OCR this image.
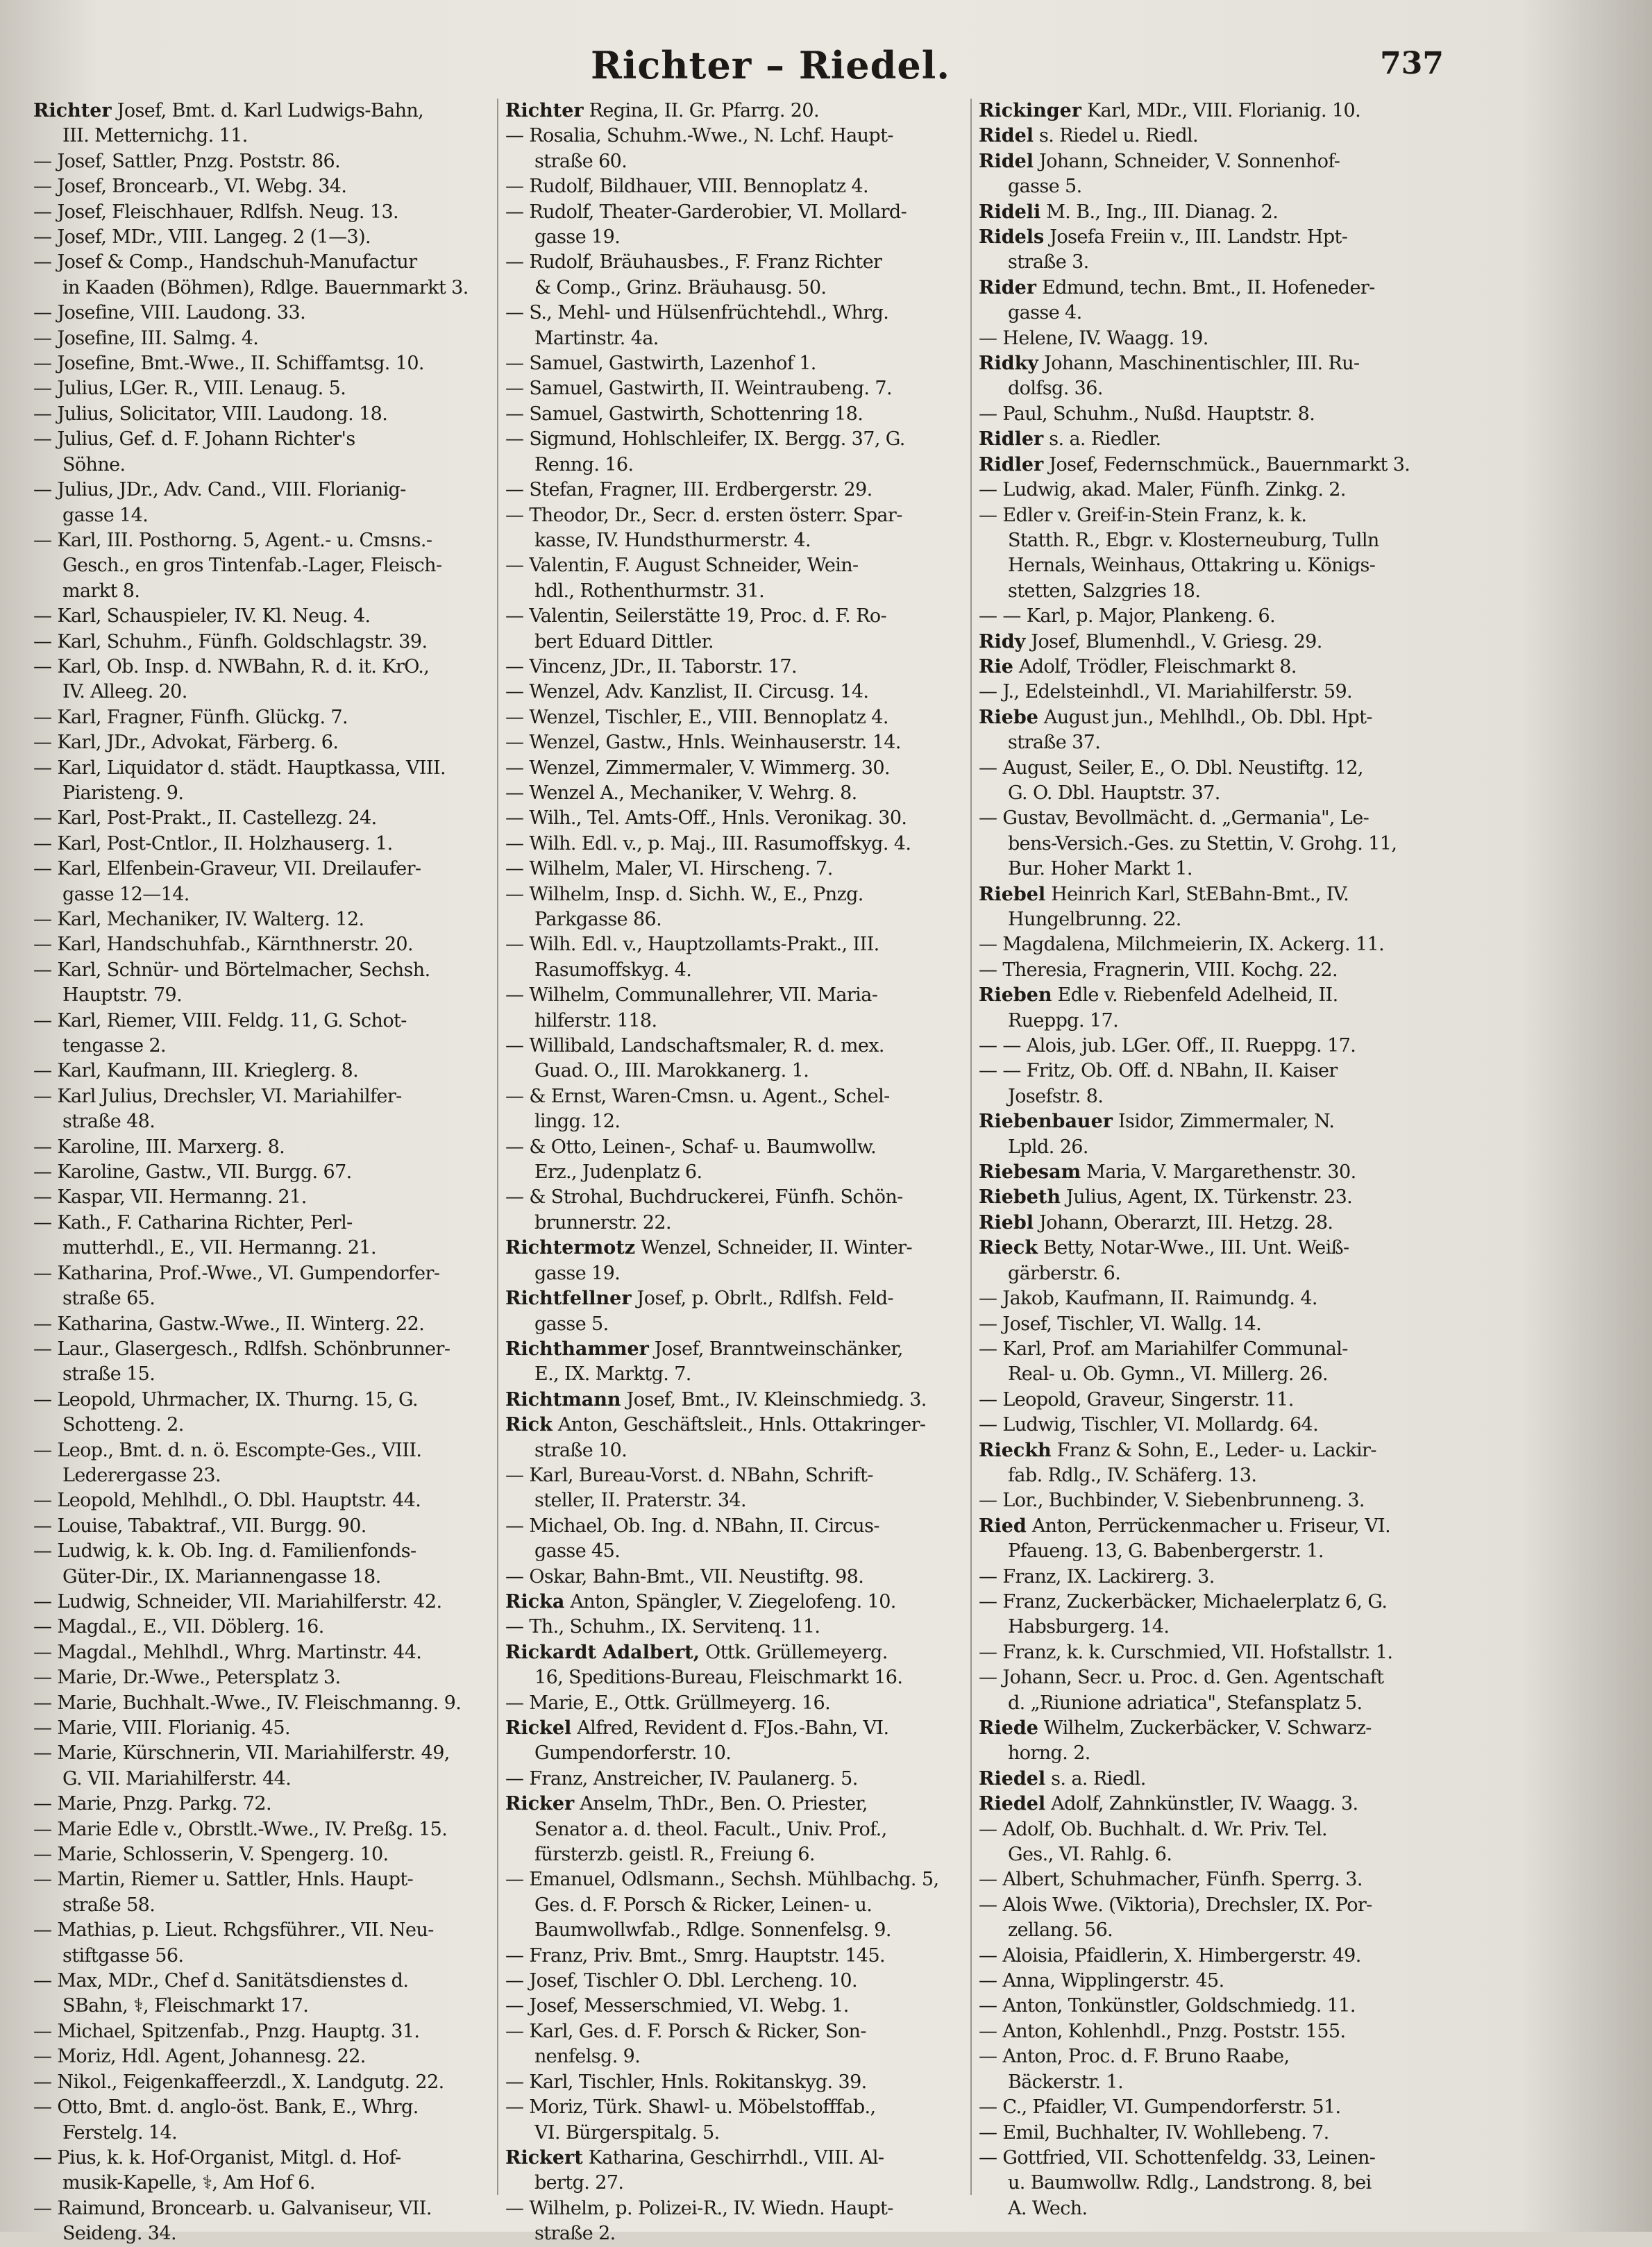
Richter – Riedel.	737
Richter Josef, Bmt. d. Karl Ludwigs-Bahn,
III. Metternichg. 11.
— Josef, Sattler, Pnzg. Poststr. 86.
— Josef, Broncearb., VI. Webg. 34.
— Josef, Fleischhauer, Rdlfsh. Neug. 13.
— Josef, MDr., VIII. Langeg. 2 (1—3).
— Josef & Comp., Handschuh-Manufactur
in Kaaden (Böhmen), Rdlge. Bauernmarkt 3.
— Josefine, VIII. Laudong. 33.
— Josefine, III. Salmg. 4.
— Josefine, Bmt.-Wwe., II. Schiffamtsg. 10.
— Julius, LGer. R., VIII. Lenaug. 5.
— Julius, Solicitator, VIII. Laudong. 18.
— Julius, Gef. d. F. Johann Richter's
Söhne.
— Julius, JDr., Adv. Cand., VIII. Florianig-
gasse 14.
— Karl, III. Posthorng. 5, Agent.- u. Cmsns.-
Gesch., en gros Tintenfab.-Lager, Fleisch-
markt 8.
— Karl, Schauspieler, IV. Kl. Neug. 4.
— Karl, Schuhm., Fünfh. Goldschlagstr. 39.
— Karl, Ob. Insp. d. NWBahn, R. d. it. KrO.,
IV. Alleeg. 20.
— Karl, Fragner, Fünfh. Glückg. 7.
— Karl, JDr., Advokat, Färberg. 6.
— Karl, Liquidator d. städt. Hauptkassa, VIII.
Piaristeng. 9.
— Karl, Post-Prakt., II. Castellezg. 24.
— Karl, Post-Cntlor., II. Holzhauserg. 1.
— Karl, Elfenbein-Graveur, VII. Dreilaufer-
gasse 12—14.
— Karl, Mechaniker, IV. Walterg. 12.
— Karl, Handschuhfab., Kärnthnerstr. 20.
— Karl, Schnür- und Börtelmacher, Sechsh.
Hauptstr. 79.
— Karl, Riemer, VIII. Feldg. 11, G. Schot-
tengasse 2.
— Karl, Kaufmann, III. Krieglerg. 8.
— Karl Julius, Drechsler, VI. Mariahilfer-
straße 48.
— Karoline, III. Marxerg. 8.
— Karoline, Gastw., VII. Burgg. 67.
— Kaspar, VII. Hermanng. 21.
— Kath., F. Catharina Richter, Perl-
mutterhdl., E., VII. Hermanng. 21.
— Katharina, Prof.-Wwe., VI. Gumpendorfer-
straße 65.
— Katharina, Gastw.-Wwe., II. Winterg. 22.
— Laur., Glasergesch., Rdlfsh. Schönbrunner-
straße 15.
— Leopold, Uhrmacher, IX. Thurng. 15, G.
Schotteng. 2.
— Leop., Bmt. d. n. ö. Escompte-Ges., VIII.
Lederergasse 23.
— Leopold, Mehlhdl., O. Dbl. Hauptstr. 44.
— Louise, Tabaktraf., VII. Burgg. 90.
— Ludwig, k. k. Ob. Ing. d. Familienfonds-
Güter-Dir., IX. Mariannengasse 18.
— Ludwig, Schneider, VII. Mariahilferstr. 42.
— Magdal., E., VII. Döblerg. 16.
— Magdal., Mehlhdl., Whrg. Martinstr. 44.
— Marie, Dr.-Wwe., Petersplatz 3.
— Marie, Buchhalt.-Wwe., IV. Fleischmanng. 9.
— Marie, VIII. Florianig. 45.
— Marie, Kürschnerin, VII. Mariahilferstr. 49,
G. VII. Mariahilferstr. 44.
— Marie, Pnzg. Parkg. 72.
— Marie Edle v., Obrstlt.-Wwe., IV. Preßg. 15.
— Marie, Schlosserin, V. Spengerg. 10.
— Martin, Riemer u. Sattler, Hnls. Haupt-
straße 58.
— Mathias, p. Lieut. Rchgsführer., VII. Neu-
stiftgasse 56.
— Max, MDr., Chef d. Sanitätsdienstes d.
SBahn, ⚕, Fleischmarkt 17.
— Michael, Spitzenfab., Pnzg. Hauptg. 31.
— Moriz, Hdl. Agent, Johannesg. 22.
— Nikol., Feigenkaffeerzdl., X. Landgutg. 22.
— Otto, Bmt. d. anglo-öst. Bank, E., Whrg.
Ferstelg. 14.
— Pius, k. k. Hof-Organist, Mitgl. d. Hof-
musik-Kapelle, ⚕, Am Hof 6.
— Raimund, Broncearb. u. Galvaniseur, VII.
Seideng. 34.
Richter Regina, II. Gr. Pfarrg. 20.
— Rosalia, Schuhm.-Wwe., N. Lchf. Haupt-
straße 60.
— Rudolf, Bildhauer, VIII. Bennoplatz 4.
— Rudolf, Theater-Garderobier, VI. Mollard-
gasse 19.
— Rudolf, Bräuhausbes., F. Franz Richter
& Comp., Grinz. Bräuhausg. 50.
— S., Mehl- und Hülsenfrüchtehdl., Whrg.
Martinstr. 4a.
— Samuel, Gastwirth, Lazenhof 1.
— Samuel, Gastwirth, II. Weintraubeng. 7.
— Samuel, Gastwirth, Schottenring 18.
— Sigmund, Hohlschleifer, IX. Bergg. 37, G.
Renng. 16.
— Stefan, Fragner, III. Erdbergerstr. 29.
— Theodor, Dr., Secr. d. ersten österr. Spar-
kasse, IV. Hundsthurmerstr. 4.
— Valentin, F. August Schneider, Wein-
hdl., Rothenthurmstr. 31.
— Valentin, Seilerstätte 19, Proc. d. F. Ro-
bert Eduard Dittler.
— Vincenz, JDr., II. Taborstr. 17.
— Wenzel, Adv. Kanzlist, II. Circusg. 14.
— Wenzel, Tischler, E., VIII. Bennoplatz 4.
— Wenzel, Gastw., Hnls. Weinhauserstr. 14.
— Wenzel, Zimmermaler, V. Wimmerg. 30.
— Wenzel A., Mechaniker, V. Wehrg. 8.
— Wilh., Tel. Amts-Off., Hnls. Veronikag. 30.
— Wilh. Edl. v., p. Maj., III. Rasumoffskyg. 4.
— Wilhelm, Maler, VI. Hirscheng. 7.
— Wilhelm, Insp. d. Sichh. W., E., Pnzg.
Parkgasse 86.
— Wilh. Edl. v., Hauptzollamts-Prakt., III.
Rasumoffskyg. 4.
— Wilhelm, Communallehrer, VII. Maria-
hilferstr. 118.
— Willibald, Landschaftsmaler, R. d. mex.
Guad. O., III. Marokkanerg. 1.
— & Ernst, Waren-Cmsn. u. Agent., Schel-
lingg. 12.
— & Otto, Leinen-, Schaf- u. Baumwollw.
Erz., Judenplatz 6.
— & Strohal, Buchdruckerei, Fünfh. Schön-
brunnerstr. 22.
Richtermotz Wenzel, Schneider, II. Winter-
gasse 19.
Richtfellner Josef, p. Obrlt., Rdlfsh. Feld-
gasse 5.
Richthammer Josef, Branntweinschänker,
E., IX. Marktg. 7.
Richtmann Josef, Bmt., IV. Kleinschmiedg. 3.
Rick Anton, Geschäftsleit., Hnls. Ottakringer-
straße 10.
— Karl, Bureau-Vorst. d. NBahn, Schrift-
steller, II. Praterstr. 34.
— Michael, Ob. Ing. d. NBahn, II. Circus-
gasse 45.
— Oskar, Bahn-Bmt., VII. Neustiftg. 98.
Ricka Anton, Spängler, V. Ziegelofeng. 10.
— Th., Schuhm., IX. Servitenq. 11.
Rickardt Adalbert, Ottk. Grüllemeyerg.
16, Speditions-Bureau, Fleischmarkt 16.
— Marie, E., Ottk. Grüllmeyerg. 16.
Rickel Alfred, Revident d. FJos.-Bahn, VI.
Gumpendorferstr. 10.
— Franz, Anstreicher, IV. Paulanerg. 5.
Ricker Anselm, ThDr., Ben. O. Priester,
Senator a. d. theol. Facult., Univ. Prof.,
fürsterzb. geistl. R., Freiung 6.
— Emanuel, Odlsmann., Sechsh. Mühlbachg. 5,
Ges. d. F. Porsch & Ricker, Leinen- u.
Baumwollwfab., Rdlge. Sonnenfelsg. 9.
— Franz, Priv. Bmt., Smrg. Hauptstr. 145.
— Josef, Tischler O. Dbl. Lercheng. 10.
— Josef, Messerschmied, VI. Webg. 1.
— Karl, Ges. d. F. Porsch & Ricker, Son-
nenfelsg. 9.
— Karl, Tischler, Hnls. Rokitanskyg. 39.
— Moriz, Türk. Shawl- u. Möbelstofffab.,
VI. Bürgerspitalg. 5.
Rickert Katharina, Geschirrhdl., VIII. Al-
bertg. 27.
— Wilhelm, p. Polizei-R., IV. Wiedn. Haupt-
straße 2.
Rickinger Karl, MDr., VIII. Florianig. 10.
Ridel s. Riedel u. Riedl.
Ridel Johann, Schneider, V. Sonnenhof-
gasse 5.
Rideli M. B., Ing., III. Dianag. 2.
Ridels Josefa Freiin v., III. Landstr. Hpt-
straße 3.
Rider Edmund, techn. Bmt., II. Hofeneder-
gasse 4.
— Helene, IV. Waagg. 19.
Ridky Johann, Maschinentischler, III. Ru-
dolfsg. 36.
— Paul, Schuhm., Nußd. Hauptstr. 8.
Ridler s. a. Riedler.
Ridler Josef, Federnschmück., Bauernmarkt 3.
— Ludwig, akad. Maler, Fünfh. Zinkg. 2.
— Edler v. Greif-in-Stein Franz, k. k.
Statth. R., Ebgr. v. Klosterneuburg, Tulln
Hernals, Weinhaus, Ottakring u. Königs-
stetten, Salzgries 18.
— — Karl, p. Major, Plankeng. 6.
Ridy Josef, Blumenhdl., V. Griesg. 29.
Rie Adolf, Trödler, Fleischmarkt 8.
— J., Edelsteinhdl., VI. Mariahilferstr. 59.
Riebe August jun., Mehlhdl., Ob. Dbl. Hpt-
straße 37.
— August, Seiler, E., O. Dbl. Neustiftg. 12,
G. O. Dbl. Hauptstr. 37.
— Gustav, Bevollmächt. d. „Germania", Le-
bens-Versich.-Ges. zu Stettin, V. Grohg. 11,
Bur. Hoher Markt 1.
Riebel Heinrich Karl, StEBahn-Bmt., IV.
Hungelbrunng. 22.
— Magdalena, Milchmeierin, IX. Ackerg. 11.
— Theresia, Fragnerin, VIII. Kochg. 22.
Rieben Edle v. Riebenfeld Adelheid, II.
Rueppg. 17.
— — Alois, jub. LGer. Off., II. Rueppg. 17.
— — Fritz, Ob. Off. d. NBahn, II. Kaiser
Josefstr. 8.
Riebenbauer Isidor, Zimmermaler, N.
Lpld. 26.
Riebesam Maria, V. Margarethenstr. 30.
Riebeth Julius, Agent, IX. Türkenstr. 23.
Riebl Johann, Oberarzt, III. Hetzg. 28.
Rieck Betty, Notar-Wwe., III. Unt. Weiß-
gärberstr. 6.
— Jakob, Kaufmann, II. Raimundg. 4.
— Josef, Tischler, VI. Wallg. 14.
— Karl, Prof. am Mariahilfer Communal-
Real- u. Ob. Gymn., VI. Millerg. 26.
— Leopold, Graveur, Singerstr. 11.
— Ludwig, Tischler, VI. Mollardg. 64.
Rieckh Franz & Sohn, E., Leder- u. Lackir-
fab. Rdlg., IV. Schäferg. 13.
— Lor., Buchbinder, V. Siebenbrunneng. 3.
Ried Anton, Perrückenmacher u. Friseur, VI.
Pfaueng. 13, G. Babenbergerstr. 1.
— Franz, IX. Lackirerg. 3.
— Franz, Zuckerbäcker, Michaelerplatz 6, G.
Habsburgerg. 14.
— Franz, k. k. Curschmied, VII. Hofstallstr. 1.
— Johann, Secr. u. Proc. d. Gen. Agentschaft
d. „Riunione adriatica", Stefansplatz 5.
Riede Wilhelm, Zuckerbäcker, V. Schwarz-
horng. 2.
Riedel s. a. Riedl.
Riedel Adolf, Zahnkünstler, IV. Waagg. 3.
— Adolf, Ob. Buchhalt. d. Wr. Priv. Tel.
Ges., VI. Rahlg. 6.
— Albert, Schuhmacher, Fünfh. Sperrg. 3.
— Alois Wwe. (Viktoria), Drechsler, IX. Por-
zellang. 56.
— Aloisia, Pfaidlerin, X. Himbergerstr. 49.
— Anna, Wipplingerstr. 45.
— Anton, Tonkünstler, Goldschmiedg. 11.
— Anton, Kohlenhdl., Pnzg. Poststr. 155.
— Anton, Proc. d. F. Bruno Raabe,
Bäckerstr. 1.
— C., Pfaidler, VI. Gumpendorferstr. 51.
— Emil, Buchhalter, IV. Wohllebeng. 7.
— Gottfried, VII. Schottenfeldg. 33, Leinen-
u. Baumwollw. Rdlg., Landstrong. 8, bei
A. Wech.
